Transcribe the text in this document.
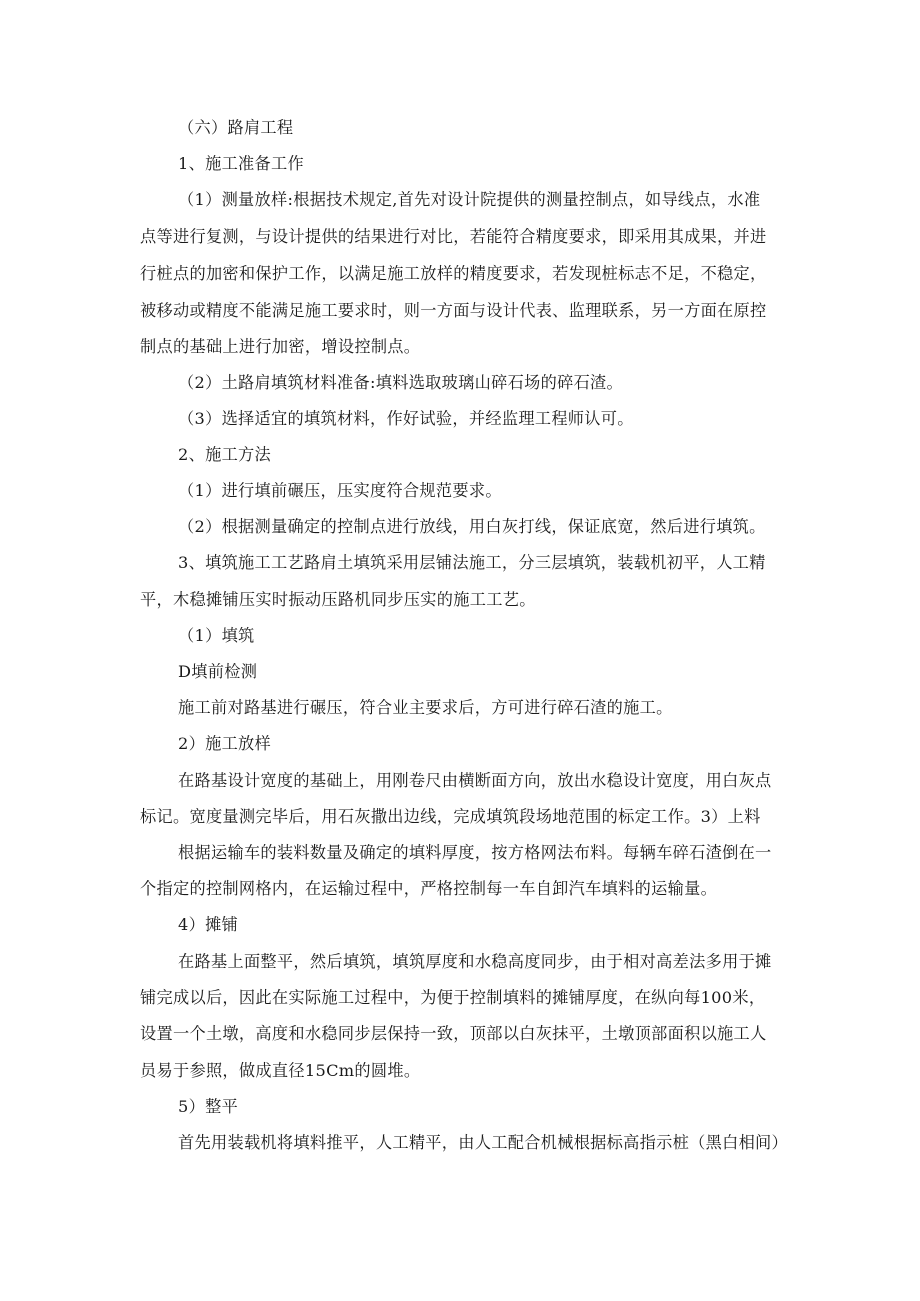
（六）路肩工程
1、施工准备工作
（1）测量放样:根据技术规定,首先对设计院提供的测量控制点，如导线点，水准
点等进行复测，与设计提供的结果进行对比，若能符合精度要求，即采用其成果，并进
行桩点的加密和保护工作，以满足施工放样的精度要求，若发现桩标志不足，不稳定，
被移动或精度不能满足施工要求时，则一方面与设计代表、监理联系，另一方面在原控
制点的基础上进行加密，增设控制点。
（2）土路肩填筑材料准备:填料选取玻璃山碎石场的碎石渣。
（3）选择适宜的填筑材料，作好试验，并经监理工程师认可。
2、施工方法
（1）进行填前碾压，压实度符合规范要求。
（2）根据测量确定的控制点进行放线，用白灰打线，保证底宽，然后进行填筑。
3、填筑施工工艺路肩土填筑采用层铺法施工，分三层填筑，装载机初平，人工精
平，木稳摊铺压实时振动压路机同步压实的施工工艺。
（1）填筑
D填前检测
施工前对路基进行碾压，符合业主要求后，方可进行碎石渣的施工。
2）施工放样
在路基设计宽度的基础上，用刚卷尺由横断面方向，放出水稳设计宽度，用白灰点
标记。宽度量测完毕后，用石灰撒出边线，完成填筑段场地范围的标定工作。3）上料
根据运输车的装料数量及确定的填料厚度，按方格网法布料。每辆车碎石渣倒在一
个指定的控制网格内，在运输过程中，严格控制每一车自卸汽车填料的运输量。
4）摊铺
在路基上面整平，然后填筑，填筑厚度和水稳高度同步，由于相对高差法多用于摊
铺完成以后，因此在实际施工过程中，为便于控制填料的摊铺厚度，在纵向每100米，
设置一个土墩，高度和水稳同步层保持一致，顶部以白灰抹平，土墩顶部面积以施工人
员易于参照，做成直径15Cm的圆堆。
5）整平
首先用装载机将填料推平，人工精平，由人工配合机械根据标高指示桩（黑白相间）
